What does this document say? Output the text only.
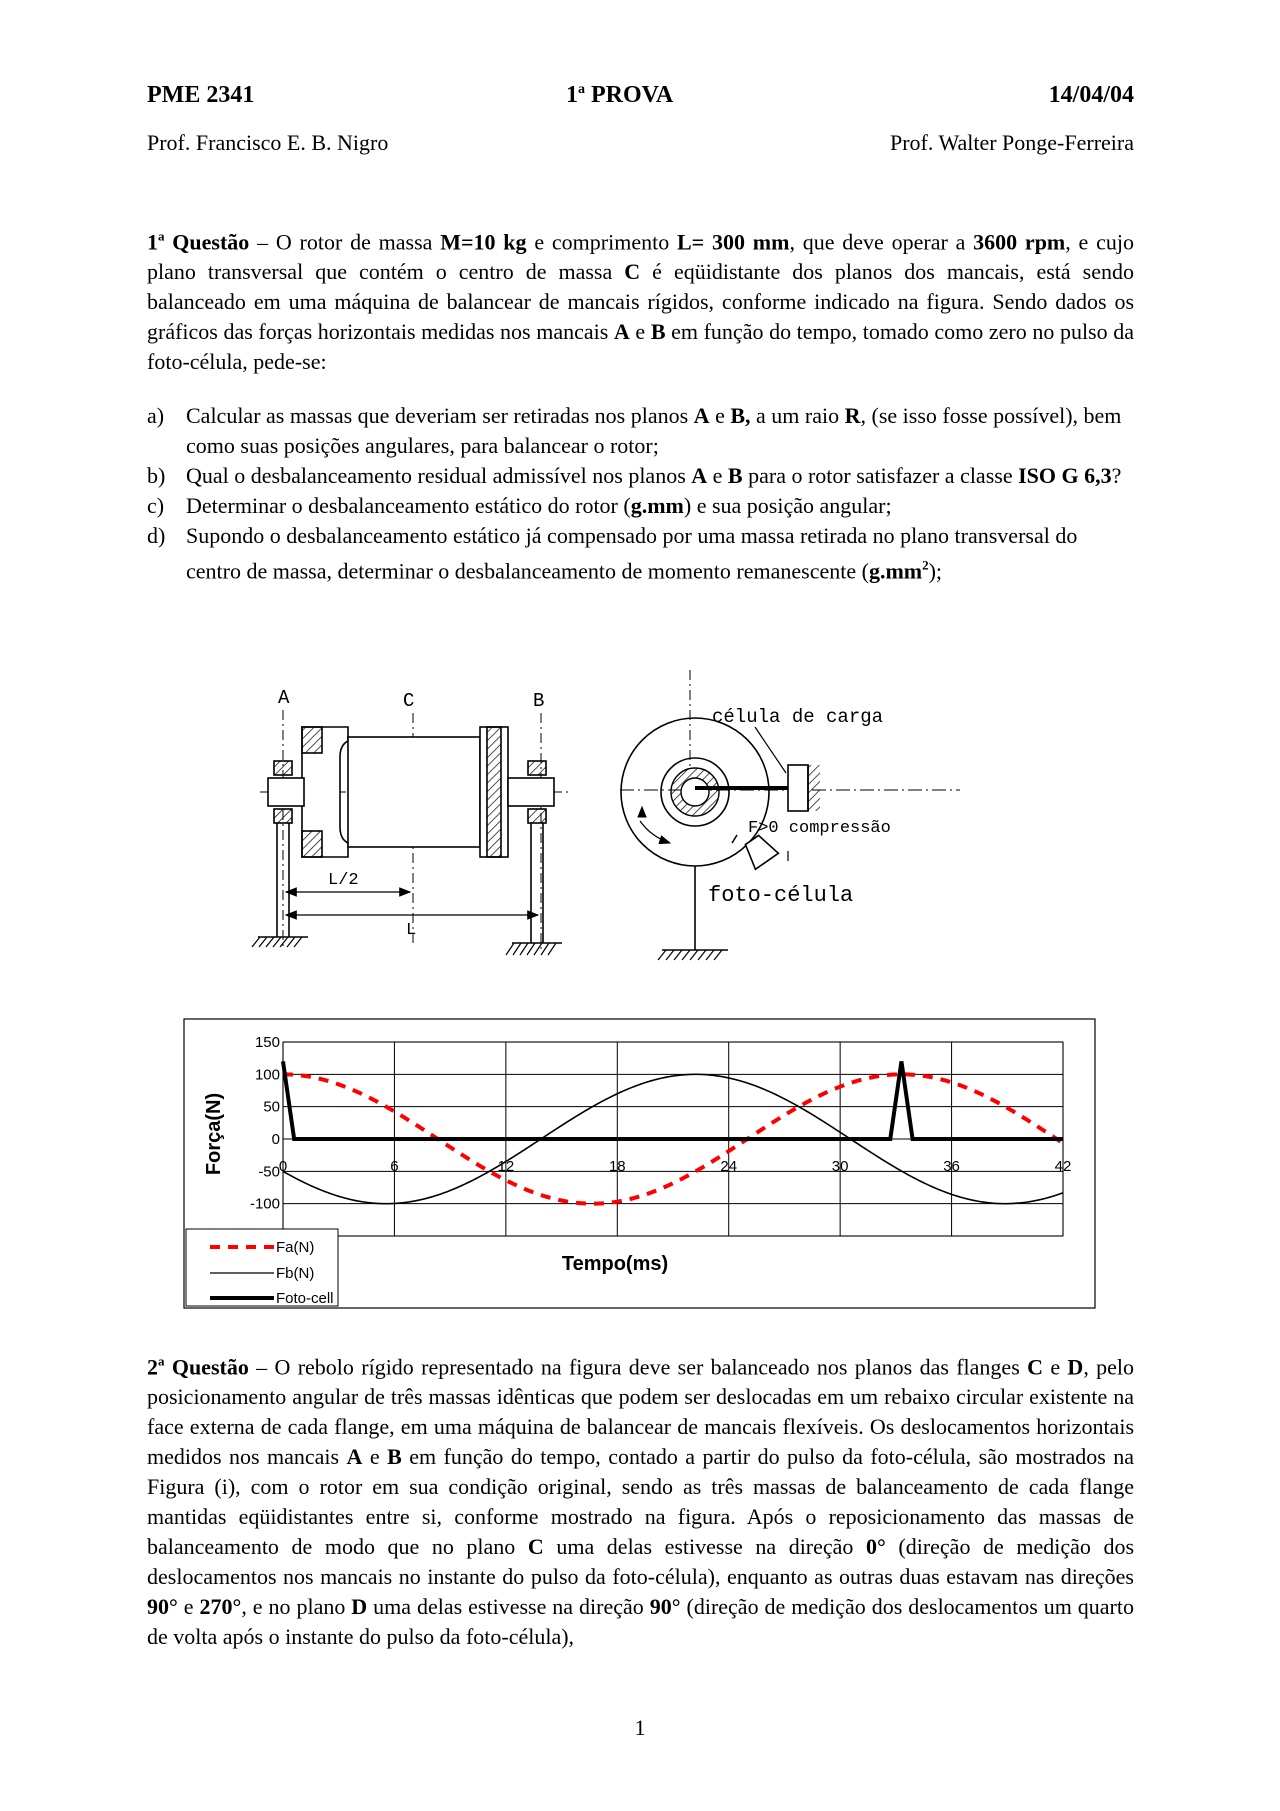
PME 2341	1$^a$ PROVA	14/04/04
Prof. Francisco E. B. Nigro	Prof. Walter Ponge-Ferreira
1$^a$ Questão – O rotor de massa M=10 kg e comprimento L= 300 mm, que deve operar a 3600 rpm, e cujo plano transversal que contém o centro de massa C é eqüidistante dos planos dos mancais, está sendo balanceado em uma máquina de balancear de mancais rígidos, conforme indicado na figura. Sendo dados os gráficos das forças horizontais medidas nos mancais A e B em função do tempo, tomado como zero no pulso da foto-célula, pede-se:
a) Calcular as massas que deveriam ser retiradas nos planos A e B, a um raio R, (se isso fosse possível), bem como suas posições angulares, para balancear o rotor;
b) Qual o desbalanceamento residual admissível nos planos A e B para o rotor satisfazer a classe ISO G 6,3?
c) Determinar o desbalanceamento estático do rotor (g.mm) e sua posição angular;
d) Supondo o desbalanceamento estático já compensado por uma massa retirada no plano transversal do centro de massa, determinar o desbalanceamento de momento remanescente $(g.mm^2)$;
A	C	B
L/2
L
célula de carga
F>0 compressão
foto-célula
150
100
50
0
-50
-100
0	6	12	18	24	30	36	42
Força(N)
Tempo(ms)
Fa(N)
Fb(N)
Foto-cell
2$^a$ Questão – O rebolo rígido representado na figura deve ser balanceado nos planos das flanges C e D, pelo posicionamento angular de três massas idênticas que podem ser deslocadas em um rebaixo circular existente na face externa de cada flange, em uma máquina de balancear de mancais flexíveis. Os deslocamentos horizontais medidos nos mancais A e B em função do tempo, contado a partir do pulso da foto-célula, são mostrados na Figura (i), com o rotor em sua condição original, sendo as três massas de balanceamento de cada flange mantidas eqüidistantes entre si, conforme mostrado na figura. Após o reposicionamento das massas de balanceamento de modo que no plano C uma delas estivesse na direção 0° (direção de medição dos deslocamentos nos mancais no instante do pulso da foto-célula), enquanto as outras duas estavam nas direções 90° e 270°, e no plano D uma delas estivesse na direção 90° (direção de medição dos deslocamentos um quarto de volta após o instante do pulso da foto-célula),
1
